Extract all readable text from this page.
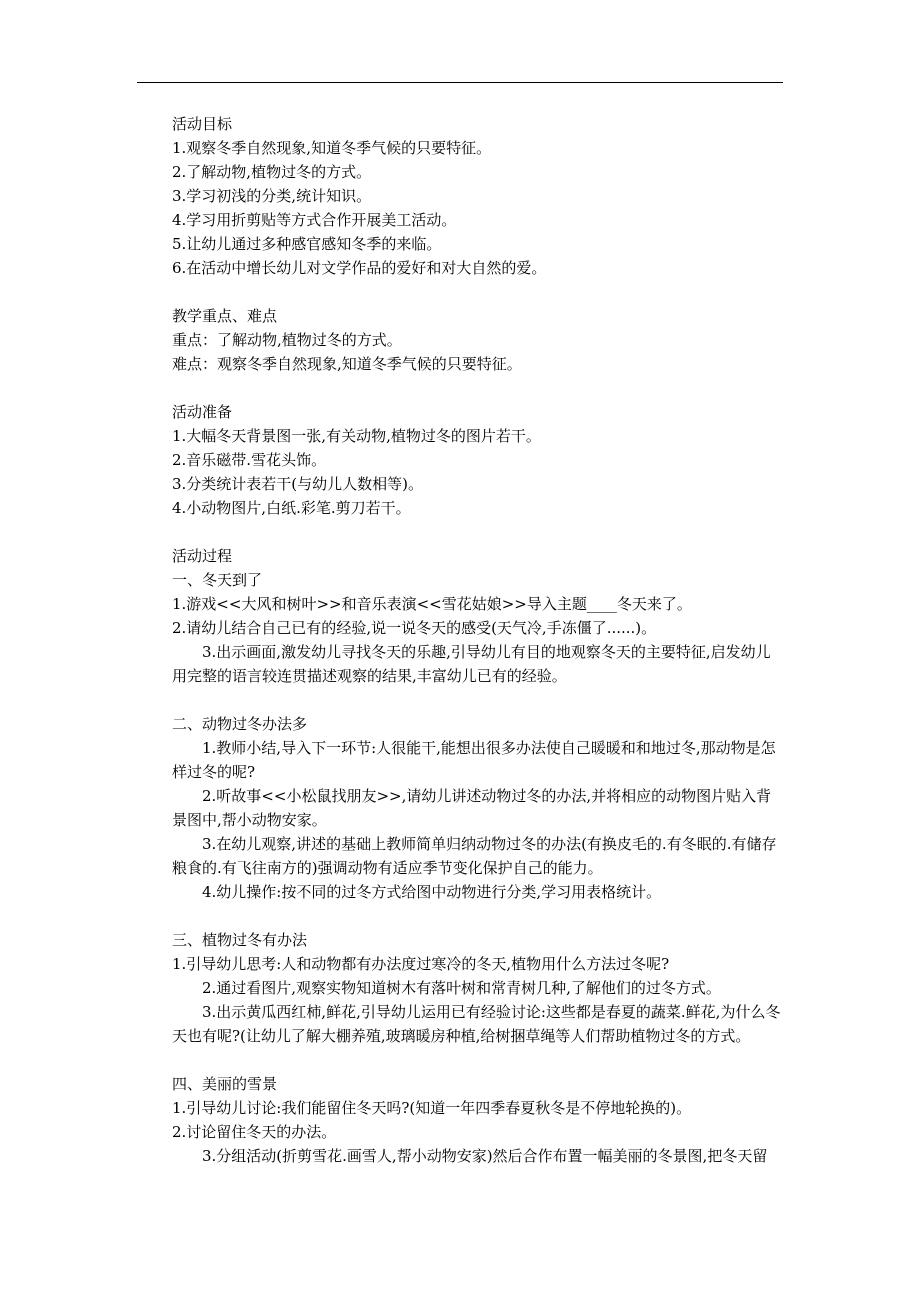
活动目标

1.观察冬季自然现象,知道冬季气候的只要特征。

2.了解动物,植物过冬的方式。

3.学习初浅的分类,统计知识。

4.学习用折剪贴等方式合作开展美工活动。

5.让幼儿通过多种感官感知冬季的来临。

6.在活动中增长幼儿对文学作品的爱好和对大自然的爱。

教学重点、难点

重点：了解动物,植物过冬的方式。

难点：观察冬季自然现象,知道冬季气候的只要特征。

活动准备

1.大幅冬天背景图一张,有关动物,植物过冬的图片若干。

2.音乐磁带.雪花头饰。

3.分类统计表若干(与幼儿人数相等)。

4.小动物图片,白纸.彩笔.剪刀若干。

活动过程

一、冬天到了

1.游戏<<大风和树叶>>和音乐表演<<雪花姑娘>>导入主题____冬天来了。

2.请幼儿结合自己已有的经验,说一说冬天的感受(天气冷,手冻僵了......)。

3.出示画面,激发幼儿寻找冬天的乐趣,引导幼儿有目的地观察冬天的主要特征,启发幼儿用完整的语言较连贯描述观察的结果,丰富幼儿已有的经验。

二、动物过冬办法多

1.教师小结,导入下一环节:人很能干,能想出很多办法使自己暖暖和和地过冬,那动物是怎样过冬的呢?

2.听故事<<小松鼠找朋友>>,请幼儿讲述动物过冬的办法,并将相应的动物图片贴入背景图中,帮小动物安家。

3.在幼儿观察,讲述的基础上教师简单归纳动物过冬的办法(有换皮毛的.有冬眠的.有储存粮食的.有飞往南方的)强调动物有适应季节变化保护自己的能力。

4.幼儿操作:按不同的过冬方式给图中动物进行分类,学习用表格统计。

三、植物过冬有办法

1.引导幼儿思考:人和动物都有办法度过寒冷的冬天,植物用什么方法过冬呢?

2.通过看图片,观察实物知道树木有落叶树和常青树几种,了解他们的过冬方式。

3.出示黄瓜西红柿,鲜花,引导幼儿运用已有经验讨论:这些都是春夏的蔬菜.鲜花,为什么冬天也有呢?(让幼儿了解大棚养殖,玻璃暖房种植,给树捆草绳等人们帮助植物过冬的方式。

四、美丽的雪景

1.引导幼儿讨论:我们能留住冬天吗?(知道一年四季春夏秋冬是不停地轮换的)。

2.讨论留住冬天的办法。

3.分组活动(折剪雪花.画雪人,帮小动物安家)然后合作布置一幅美丽的冬景图,把冬天留
